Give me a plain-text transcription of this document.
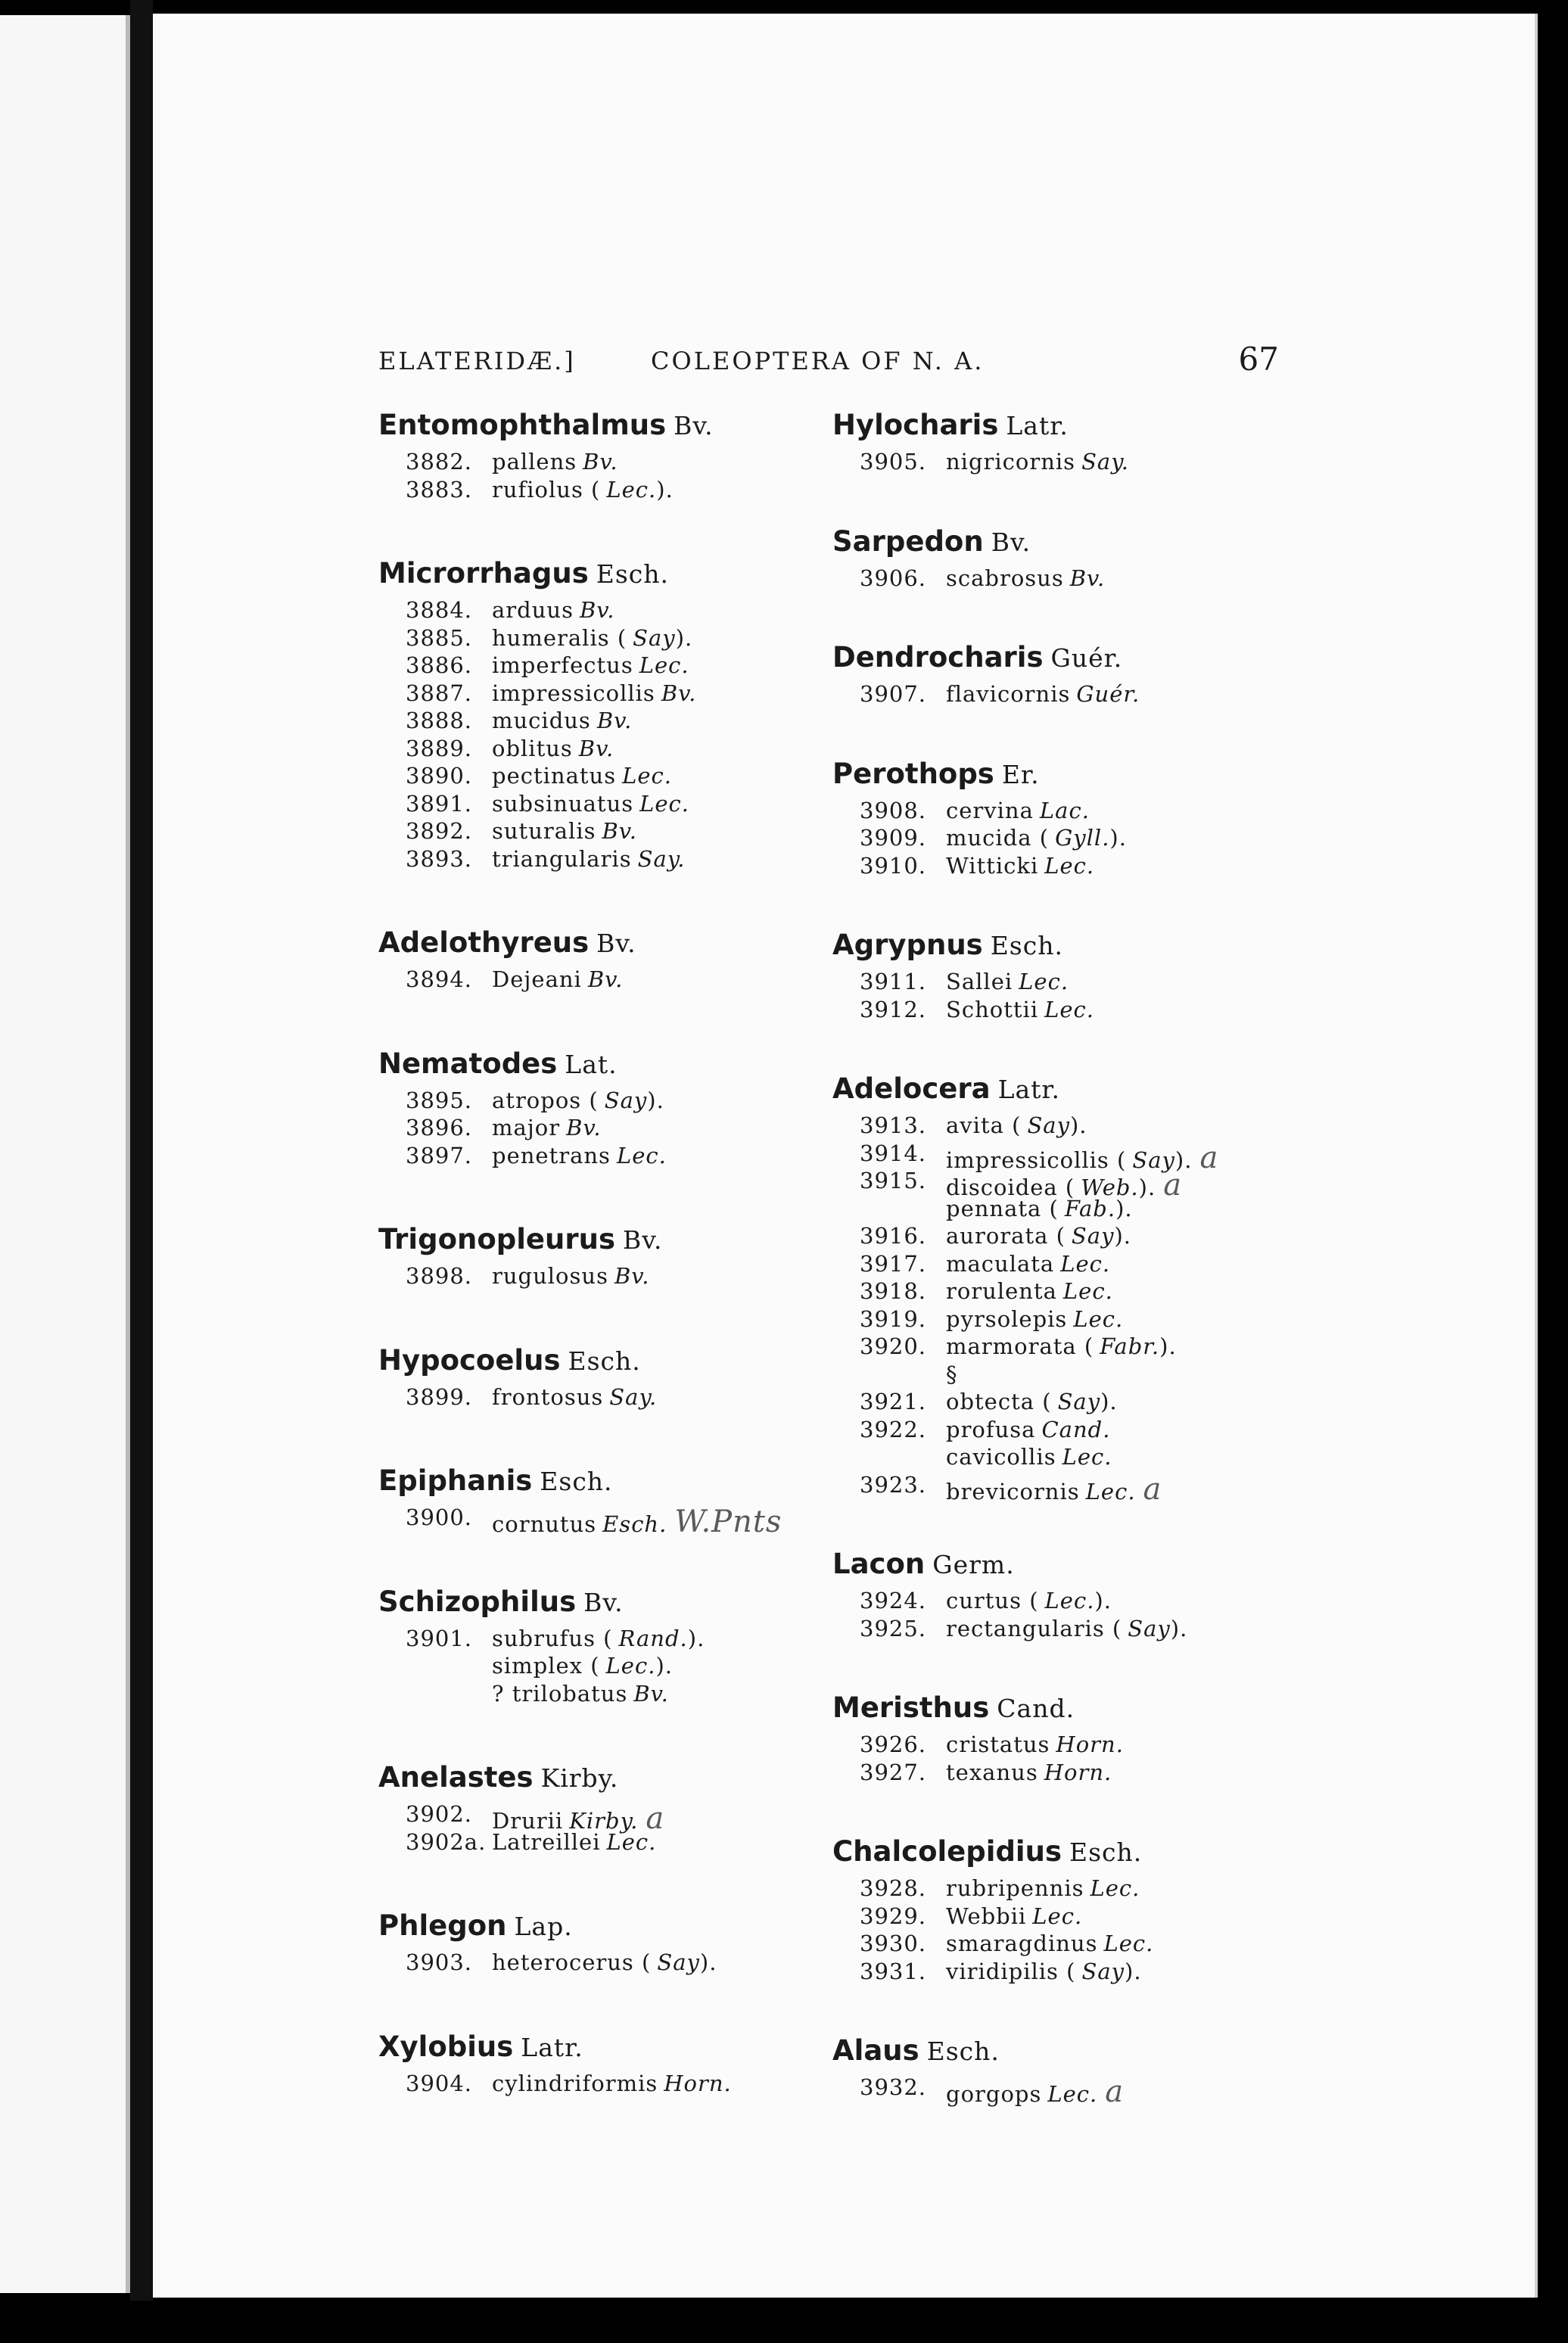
ELATERIDÆ.]	COLEOPTERA OF N. A.	67
Entomophthalmus Bv.
3882. pallens Bv.
3883. rufiolus ( Lec.).
Microrrhagus Esch.
3884. arduus Bv.
3885. humeralis ( Say).
3886. imperfectus Lec.
3887. impressicollis Bv.
3888. mucidus Bv.
3889. oblitus Bv.
3890. pectinatus Lec.
3891. subsinuatus Lec.
3892. suturalis Bv.
3893. triangularis Say.
Adelothyreus Bv.
3894. Dejeani Bv.
Nematodes Lat.
3895. atropos ( Say).
3896. major Bv.
3897. penetrans Lec.
Trigonopleurus Bv.
3898. rugulosus Bv.
Hypocoelus Esch.
3899. frontosus Say.
Epiphanis Esch.
3900. cornutus Esch. W.Pnts
Schizophilus Bv.
3901. subrufus ( Rand.).
simplex ( Lec.).
? trilobatus Bv.
Anelastes Kirby.
3902. Drurii Kirby. a
3902a. Latreillei Lec.
Phlegon Lap.
3903. heterocerus ( Say).
Xylobius Latr.
3904. cylindriformis Horn.
Hylocharis Latr.
3905. nigricornis Say.
Sarpedon Bv.
3906. scabrosus Bv.
Dendrocharis Guér.
3907. flavicornis Guér.
Perothops Er.
3908. cervina Lac.
3909. mucida ( Gyll.).
3910. Witticki Lec.
Agrypnus Esch.
3911. Sallei Lec.
3912. Schottii Lec.
Adelocera Latr.
3913. avita ( Say).
3914. impressicollis ( Say). a
3915. discoidea ( Web.). a
pennata ( Fab.).
3916. aurorata ( Say).
3917. maculata Lec.
3918. rorulenta Lec.
3919. pyrsolepis Lec.
3920. marmorata ( Fabr.).
§
3921. obtecta ( Say).
3922. profusa Cand.
cavicollis Lec.
3923. brevicornis Lec. a
Lacon Germ.
3924. curtus ( Lec.).
3925. rectangularis ( Say).
Meristhus Cand.
3926. cristatus Horn.
3927. texanus Horn.
Chalcolepidius Esch.
3928. rubripennis Lec.
3929. Webbii Lec.
3930. smaragdinus Lec.
3931. viridipilis ( Say).
Alaus Esch.
3932. gorgops Lec. a
